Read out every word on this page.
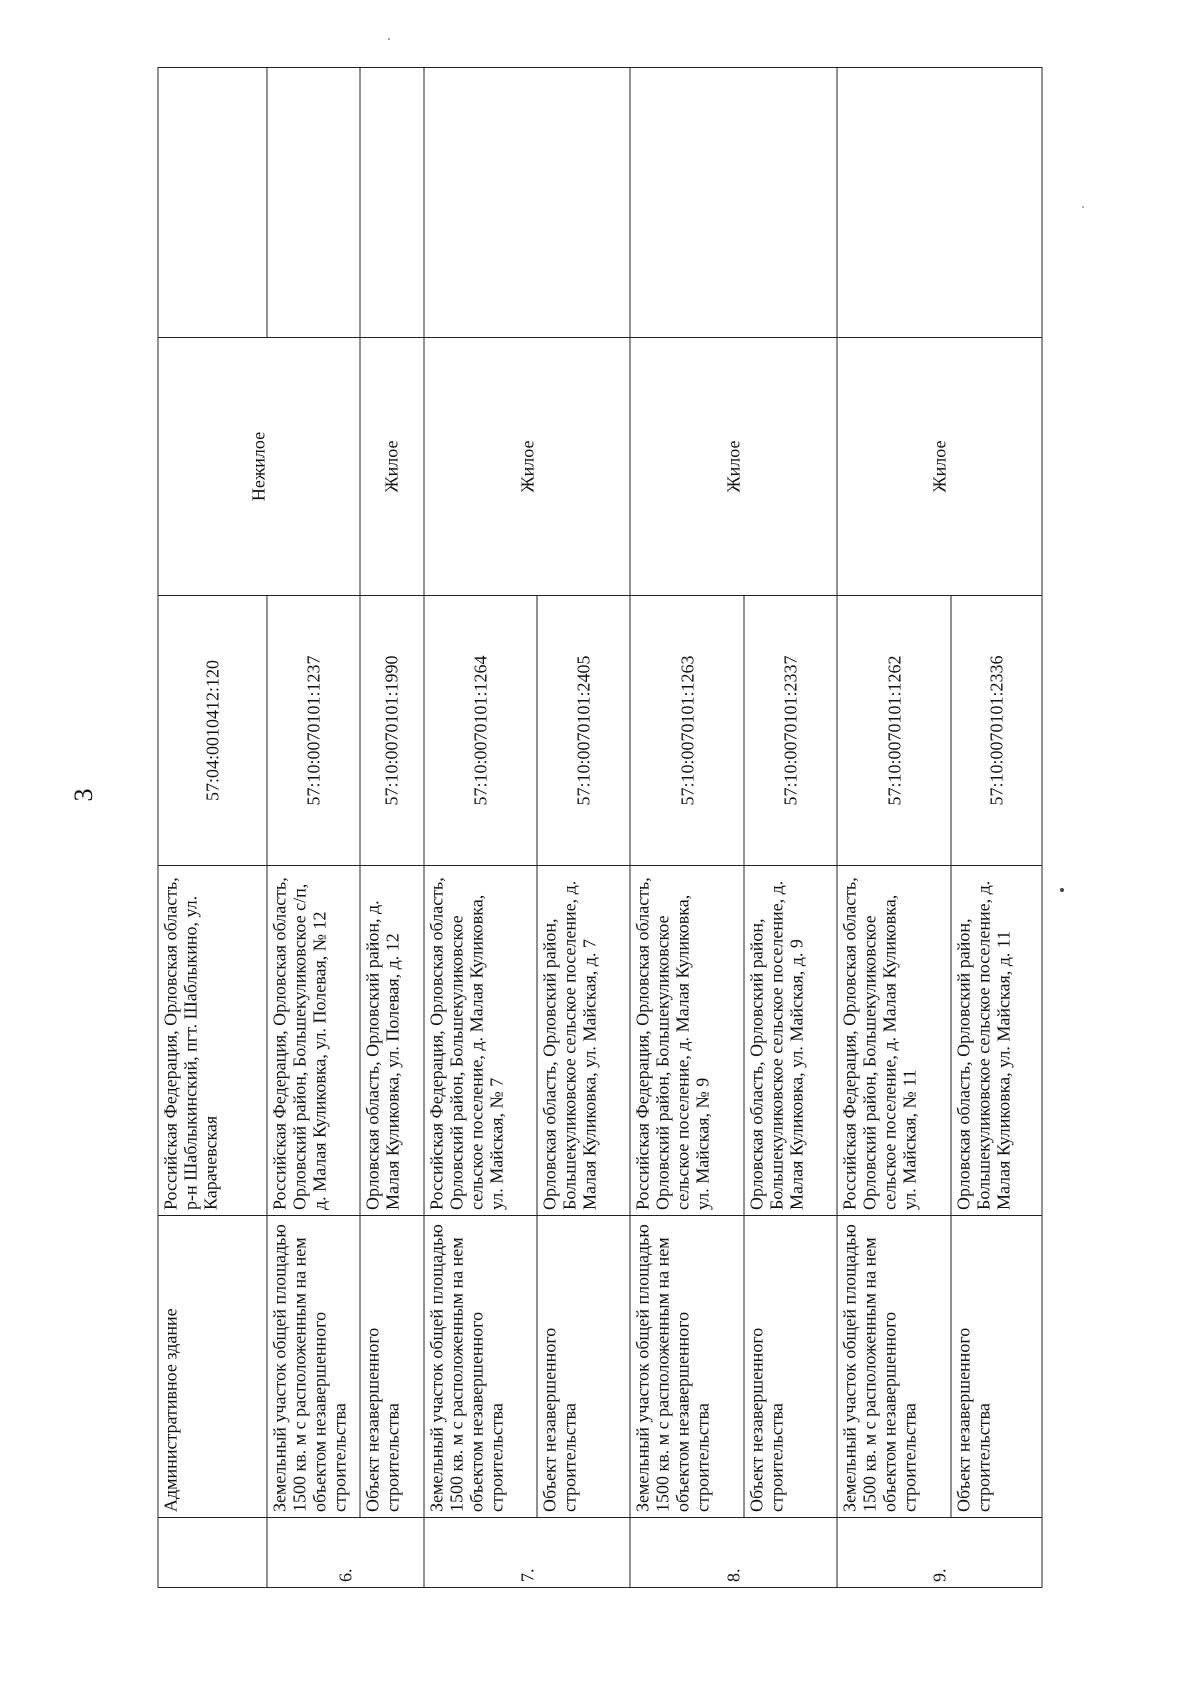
3
	Административное здание	Российская Федерация, Орловская область, р-н Шаблыкинский, пгт. Шаблыкино, ул. Карачевская	57:04:0010412:120	Нежилое	
6.	Земельный участок общей площадью 1500 кв. м с расположенным на нем объектом незавершенного строительства	Российская Федерация, Орловская область, Орловский район, Большекуликовское с/п, д. Малая Куликовка, ул. Полевая, № 12	57:10:0070101:1237		
	Объект незавершенного строительства	Орловская область, Орловский район, д. Малая Куликовка, ул. Полевая, д. 12	57:10:0070101:1990	Жилое	
7.	Земельный участок общей площадью 1500 кв. м с расположенным на нем объектом незавершенного строительства	Российская Федерация, Орловская область, Орловский район, Большекуликовское сельское поселение, д. Малая Куликовка, ул. Майская, № 7	57:10:0070101:1264	Жилое	
	Объект незавершенного строительства	Орловская область, Орловский район, Большекуликовское сельское поселение, д. Малая Куликовка, ул. Майская, д. 7	57:10:0070101:2405		
8.	Земельный участок общей площадью 1500 кв. м с расположенным на нем объектом незавершенного строительства	Российская Федерация, Орловская область, Орловский район, Большекуликовское сельское поселение, д. Малая Куликовка, ул. Майская, № 9	57:10:0070101:1263	Жилое	
	Объект незавершенного строительства	Орловская область, Орловский район, Большекуликовское сельское поселение, д. Малая Куликовка, ул. Майская, д. 9	57:10:0070101:2337		
9.	Земельный участок общей площадью 1500 кв. м с расположенным на нем объектом незавершенного строительства	Российская Федерация, Орловская область, Орловский район, Большекуликовское сельское поселение, д. Малая Куликовка, ул. Майская, № 11	57:10:0070101:1262	Жилое	
	Объект незавершенного строительства	Орловская область, Орловский район, Большекуликовское сельское поселение, д. Малая Куликовка, ул. Майская, д. 11	57:10:0070101:2336		
